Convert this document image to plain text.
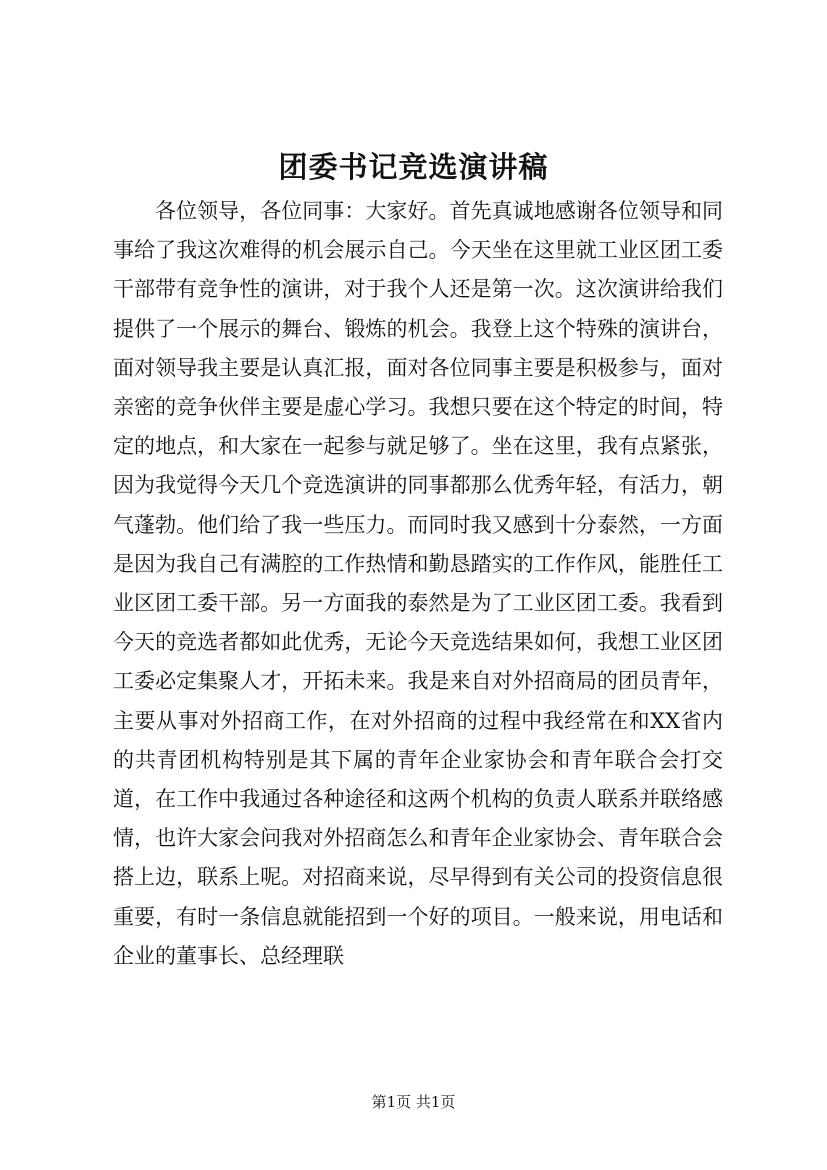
团委书记竞选演讲稿

各位领导，各位同事：大家好。首先真诚地感谢各位领导和同事给了我这次难得的机会展示自己。今天坐在这里就工业区团工委干部带有竞争性的演讲，对于我个人还是第一次。这次演讲给我们提供了一个展示的舞台、锻炼的机会。我登上这个特殊的演讲台，面对领导我主要是认真汇报，面对各位同事主要是积极参与，面对亲密的竞争伙伴主要是虚心学习。我想只要在这个特定的时间，特定的地点，和大家在一起参与就足够了。坐在这里，我有点紧张，因为我觉得今天几个竞选演讲的同事都那么优秀年轻，有活力，朝气蓬勃。他们给了我一些压力。而同时我又感到十分泰然，一方面是因为我自己有满腔的工作热情和勤恳踏实的工作作风，能胜任工业区团工委干部。另一方面我的泰然是为了工业区团工委。我看到今天的竞选者都如此优秀，无论今天竞选结果如何，我想工业区团工委必定集聚人才，开拓未来。我是来自对外招商局的团员青年，主要从事对外招商工作，在对外招商的过程中我经常在和XX省内的共青团机构特别是其下属的青年企业家协会和青年联合会打交道，在工作中我通过各种途径和这两个机构的负责人联系并联络感情，也许大家会问我对外招商怎么和青年企业家协会、青年联合会搭上边，联系上呢。对招商来说，尽早得到有关公司的投资信息很重要，有时一条信息就能招到一个好的项目。一般来说，用电话和企业的董事长、总经理联

第1页 共1页
